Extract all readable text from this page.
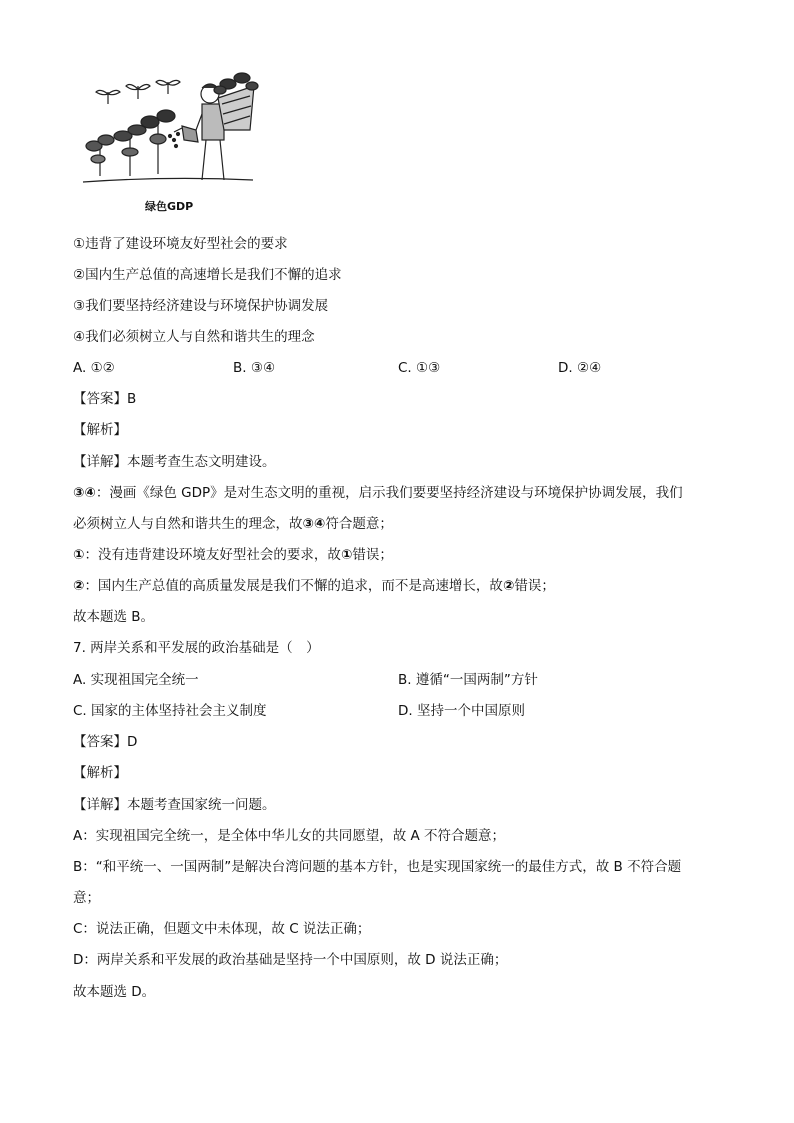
绿色GDP
①违背了建设环境友好型社会的要求
②国内生产总值的高速增长是我们不懈的追求
③我们要坚持经济建设与环境保护协调发展
④我们必须树立人与自然和谐共生的理念
A. ①②	B. ③④	C. ①③	D. ②④
【答案】B
【解析】
【详解】本题考查生态文明建设。
③④：漫画《绿色 GDP》是对生态文明的重视，启示我们要要坚持经济建设与环境保护协调发展，我们
必须树立人与自然和谐共生的理念，故③④符合题意；
①：没有违背建设环境友好型社会的要求，故①错误；
②：国内生产总值的高质量发展是我们不懈的追求，而不是高速增长，故②错误；
故本题选 B。
7. 两岸关系和平发展的政治基础是（　）
A. 实现祖国完全统一	B. 遵循“一国两制”方针
C. 国家的主体坚持社会主义制度	D. 坚持一个中国原则
【答案】D
【解析】
【详解】本题考查国家统一问题。
A：实现祖国完全统一，是全体中华儿女的共同愿望，故 A 不符合题意；
B：“和平统一、一国两制”是解决台湾问题的基本方针，也是实现国家统一的最佳方式，故 B 不符合题
意；
C：说法正确，但题文中未体现，故 C 说法正确；
D：两岸关系和平发展的政治基础是坚持一个中国原则，故 D 说法正确；
故本题选 D。
